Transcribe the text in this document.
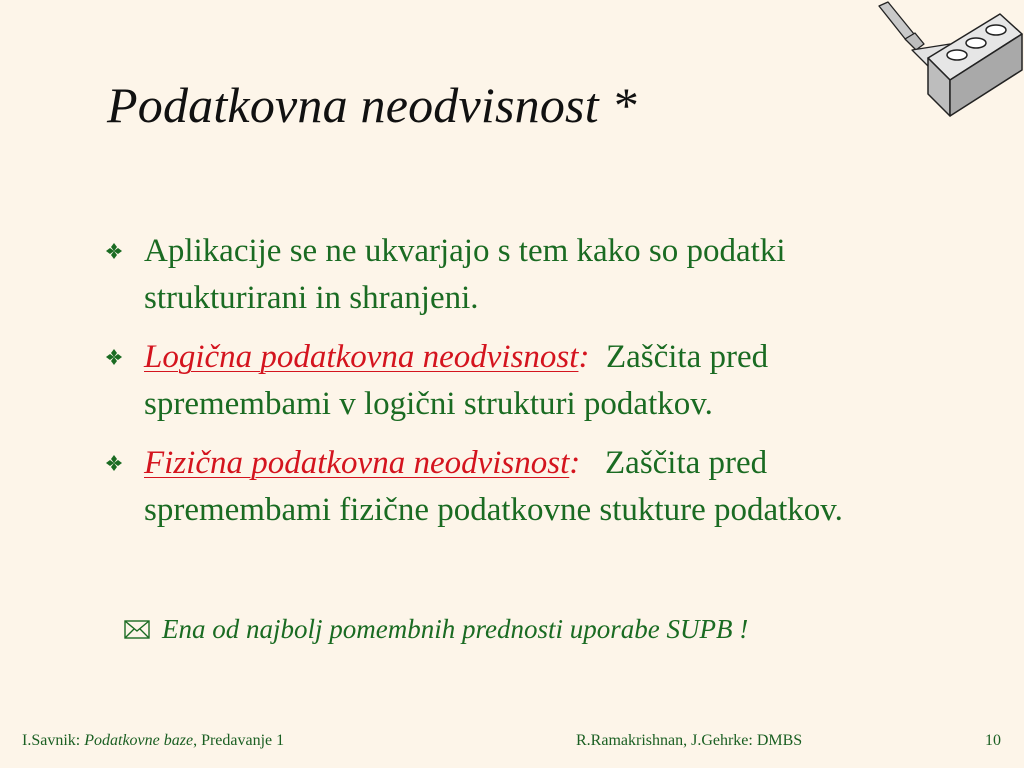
Podatkovna neodvisnost *
Aplikacije se ne ukvarjajo s tem kako so podatki strukturirani in shranjeni.
Logična podatkovna neodvisnost: Zaščita pred spremembami v logični strukturi podatkov.
Fizična podatkovna neodvisnost: Zaščita pred spremembami fizične podatkovne stukture podatkov.
Ena od najbolj pomembnih prednosti uporabe SUPB !
I.Savnik: Podatkovne baze, Predavanje 1	R.Ramakrishnan, J.Gehrke: DMBS	10
